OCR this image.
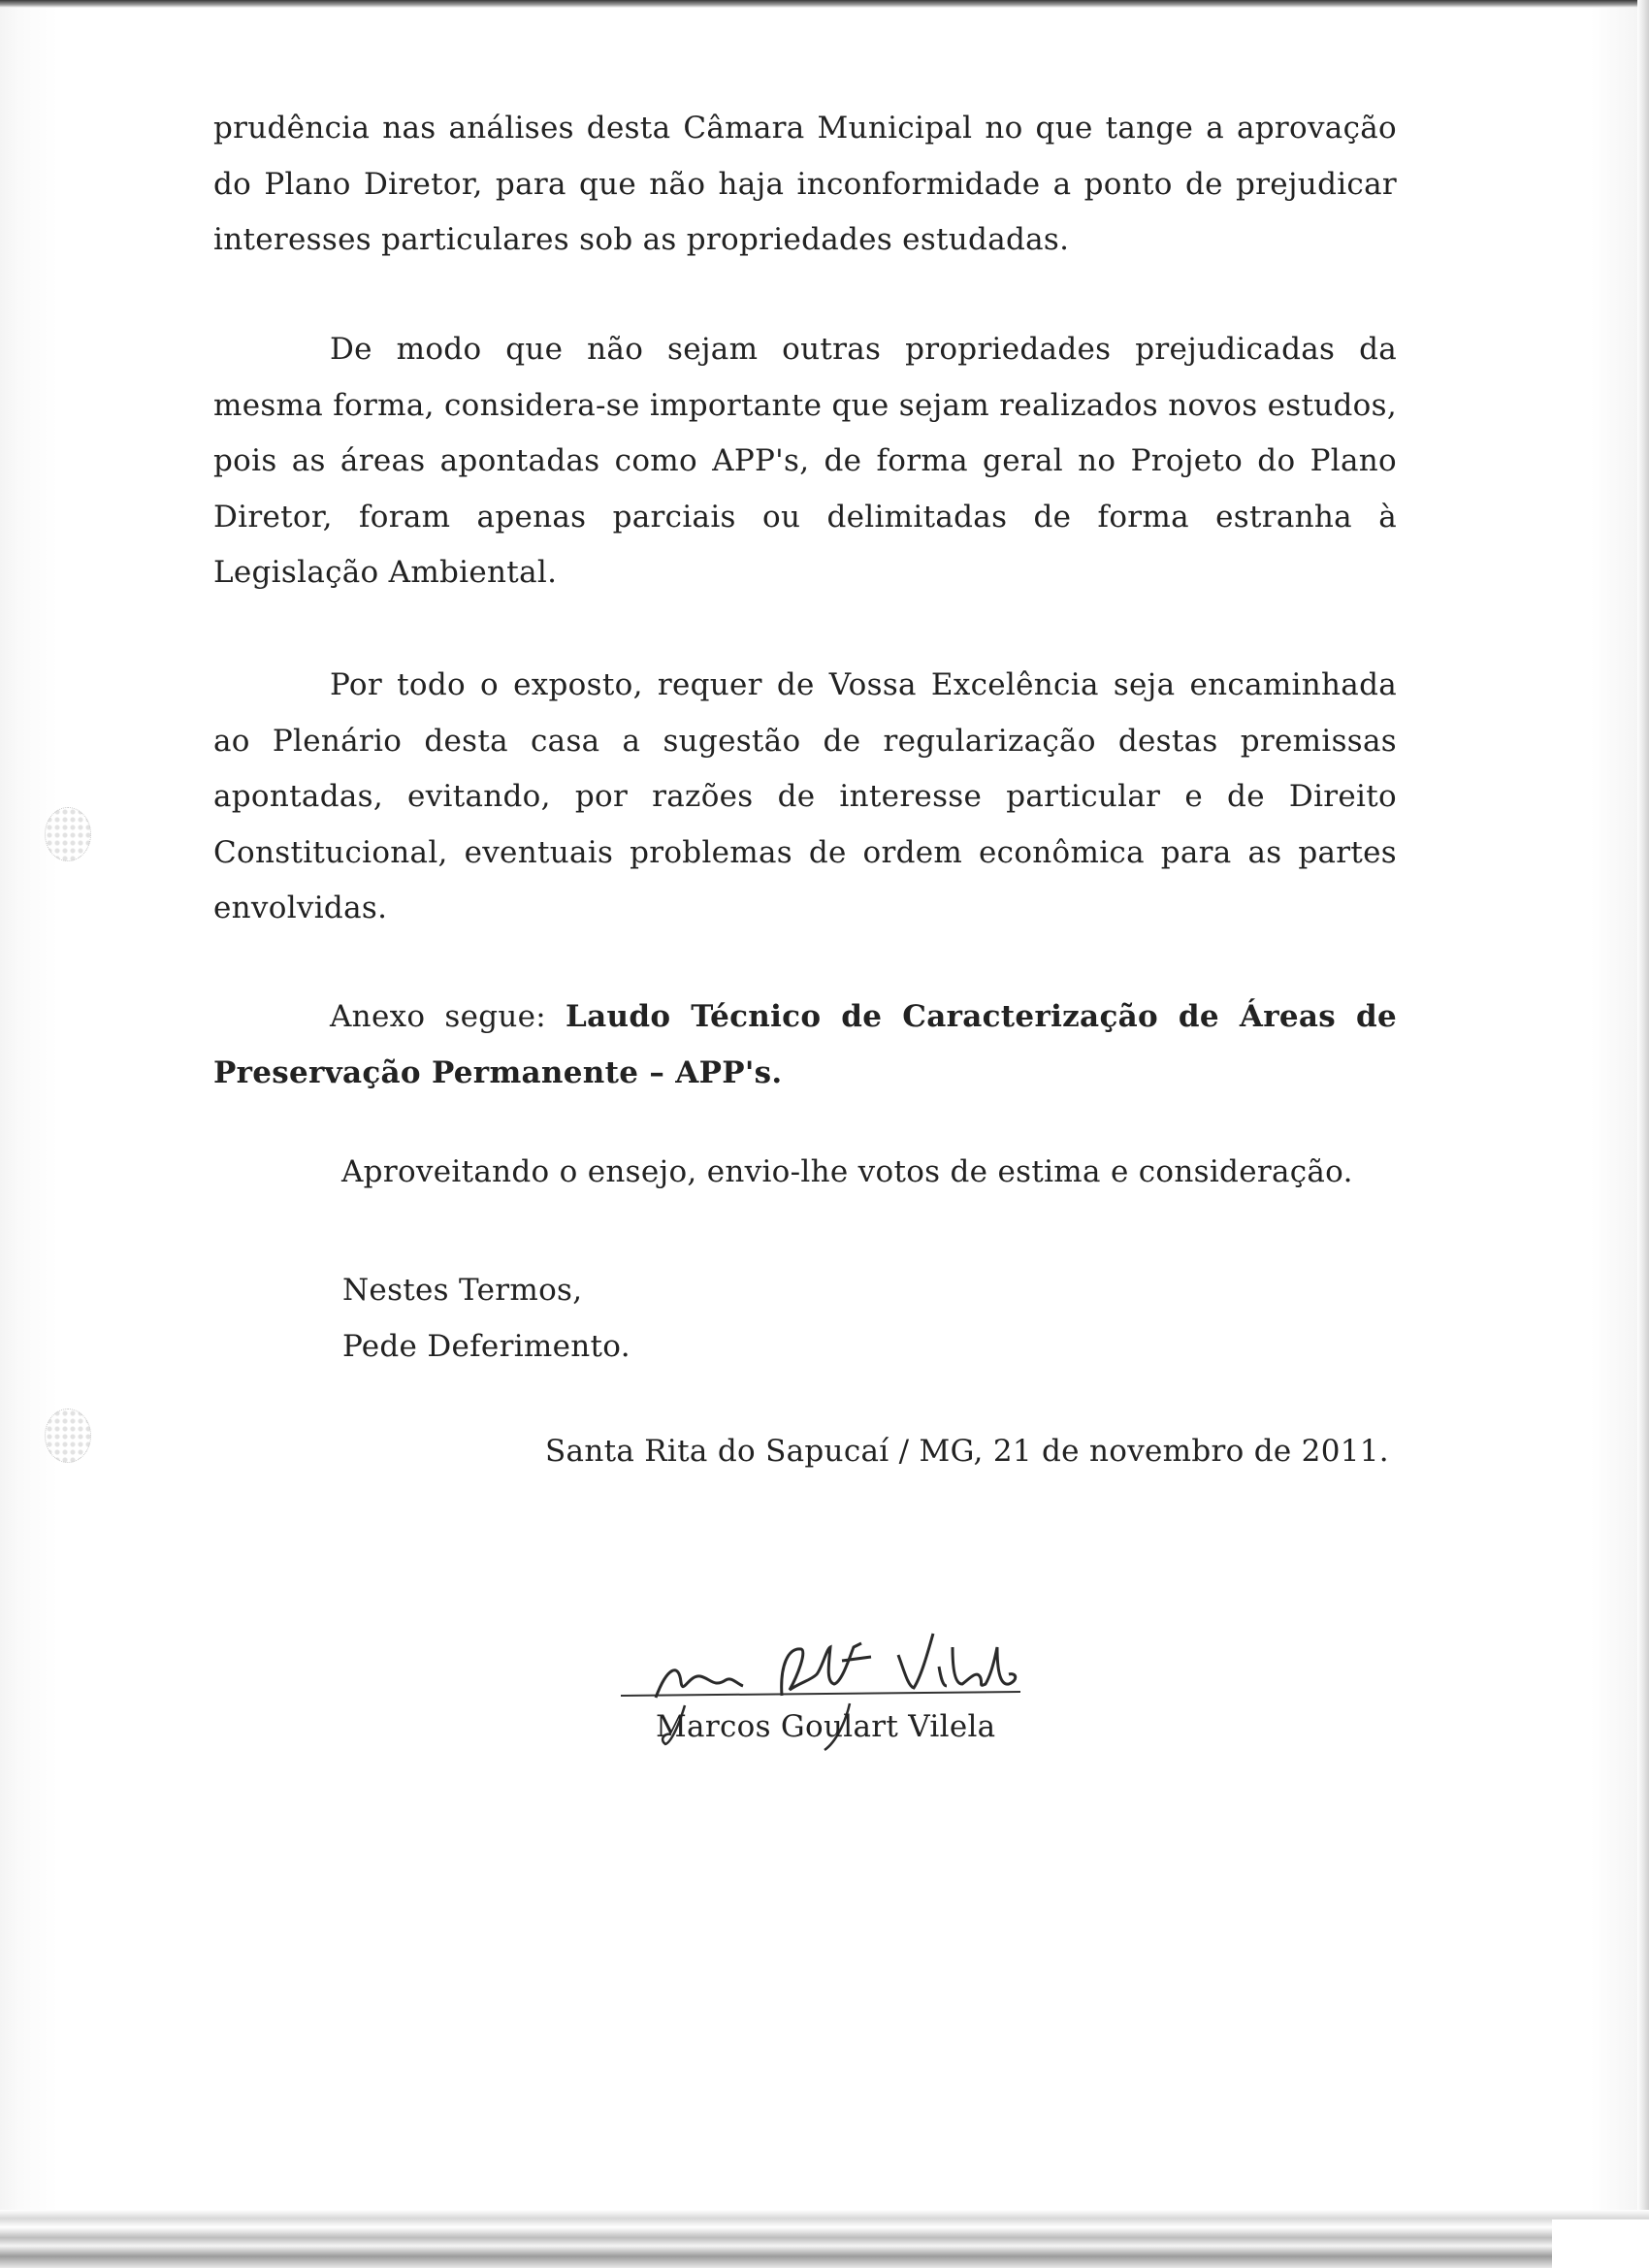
prudência nas análises desta Câmara Municipal no que tange a aprovação do Plano Diretor, para que não haja inconformidade a ponto de prejudicar interesses particulares sob as propriedades estudadas.
De modo que não sejam outras propriedades prejudicadas da mesma forma, considera-se importante que sejam realizados novos estudos, pois as áreas apontadas como APP's, de forma geral no Projeto do Plano Diretor, foram apenas parciais ou delimitadas de forma estranha à Legislação Ambiental.
Por todo o exposto, requer de Vossa Excelência seja encaminhada ao Plenário desta casa a sugestão de regularização destas premissas apontadas, evitando, por razões de interesse particular e de Direito Constitucional, eventuais problemas de ordem econômica para as partes envolvidas.
Anexo segue: Laudo Técnico de Caracterização de Áreas de Preservação Permanente – APP's.
Aproveitando o ensejo, envio-lhe votos de estima e consideração.
Nestes Termos,
Pede Deferimento.
Santa Rita do Sapucaí / MG, 21 de novembro de 2011.
Marcos Goulart Vilela
